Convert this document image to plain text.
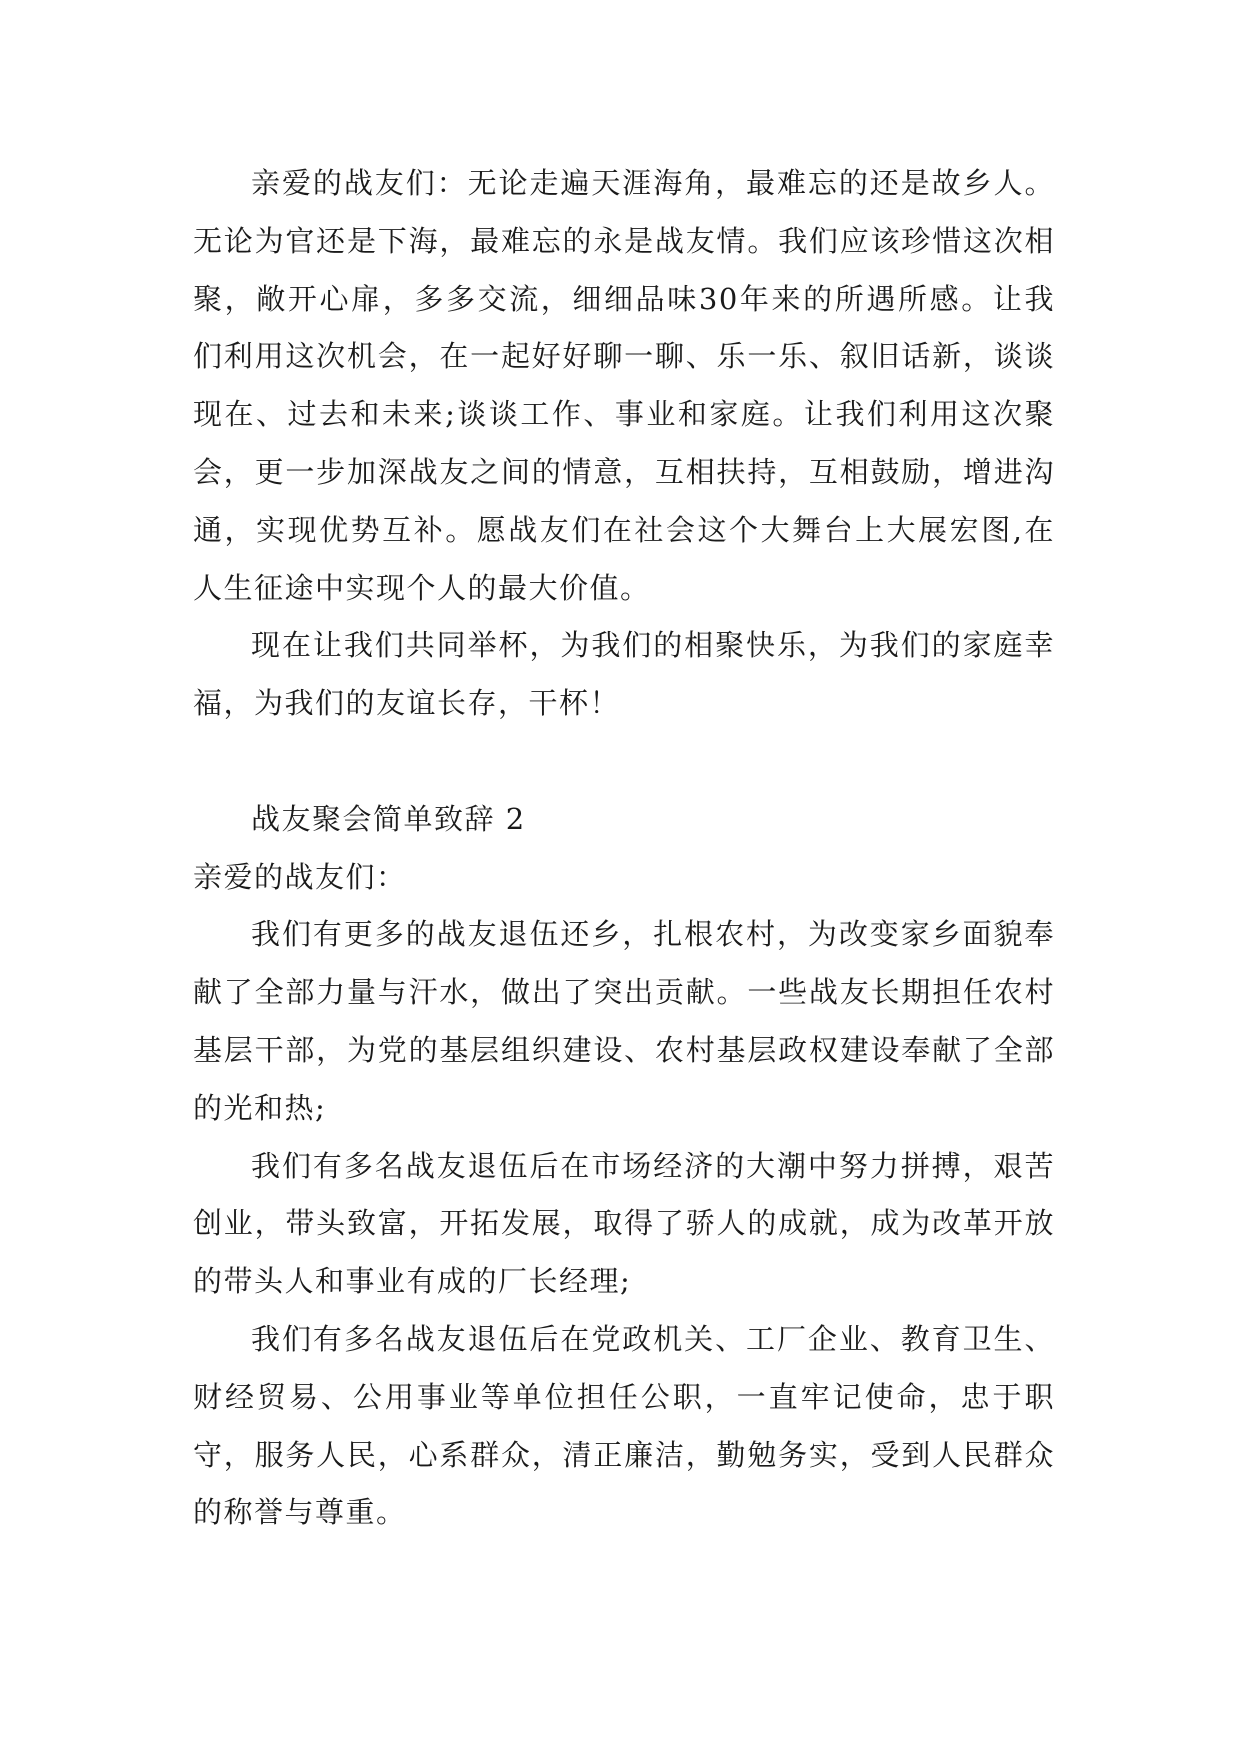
亲爱的战友们：无论走遍天涯海角，最难忘的还是故乡人。无论为官还是下海，最难忘的永是战友情。我们应该珍惜这次相聚，敞开心扉，多多交流，细细品味30年来的所遇所感。让我们利用这次机会，在一起好好聊一聊、乐一乐、叙旧话新，谈谈现在、过去和未来;谈谈工作、事业和家庭。让我们利用这次聚会，更一步加深战友之间的情意，互相扶持，互相鼓励，增进沟通，实现优势互补。愿战友们在社会这个大舞台上大展宏图,在人生征途中实现个人的最大价值。

现在让我们共同举杯，为我们的相聚快乐，为我们的家庭幸福，为我们的友谊长存，干杯！

战友聚会简单致辞 2

亲爱的战友们：

我们有更多的战友退伍还乡，扎根农村，为改变家乡面貌奉献了全部力量与汗水，做出了突出贡献。一些战友长期担任农村基层干部，为党的基层组织建设、农村基层政权建设奉献了全部的光和热;

我们有多名战友退伍后在市场经济的大潮中努力拼搏，艰苦创业，带头致富，开拓发展，取得了骄人的成就，成为改革开放的带头人和事业有成的厂长经理;

我们有多名战友退伍后在党政机关、工厂企业、教育卫生、财经贸易、公用事业等单位担任公职，一直牢记使命，忠于职守，服务人民，心系群众，清正廉洁，勤勉务实，受到人民群众的称誉与尊重。
